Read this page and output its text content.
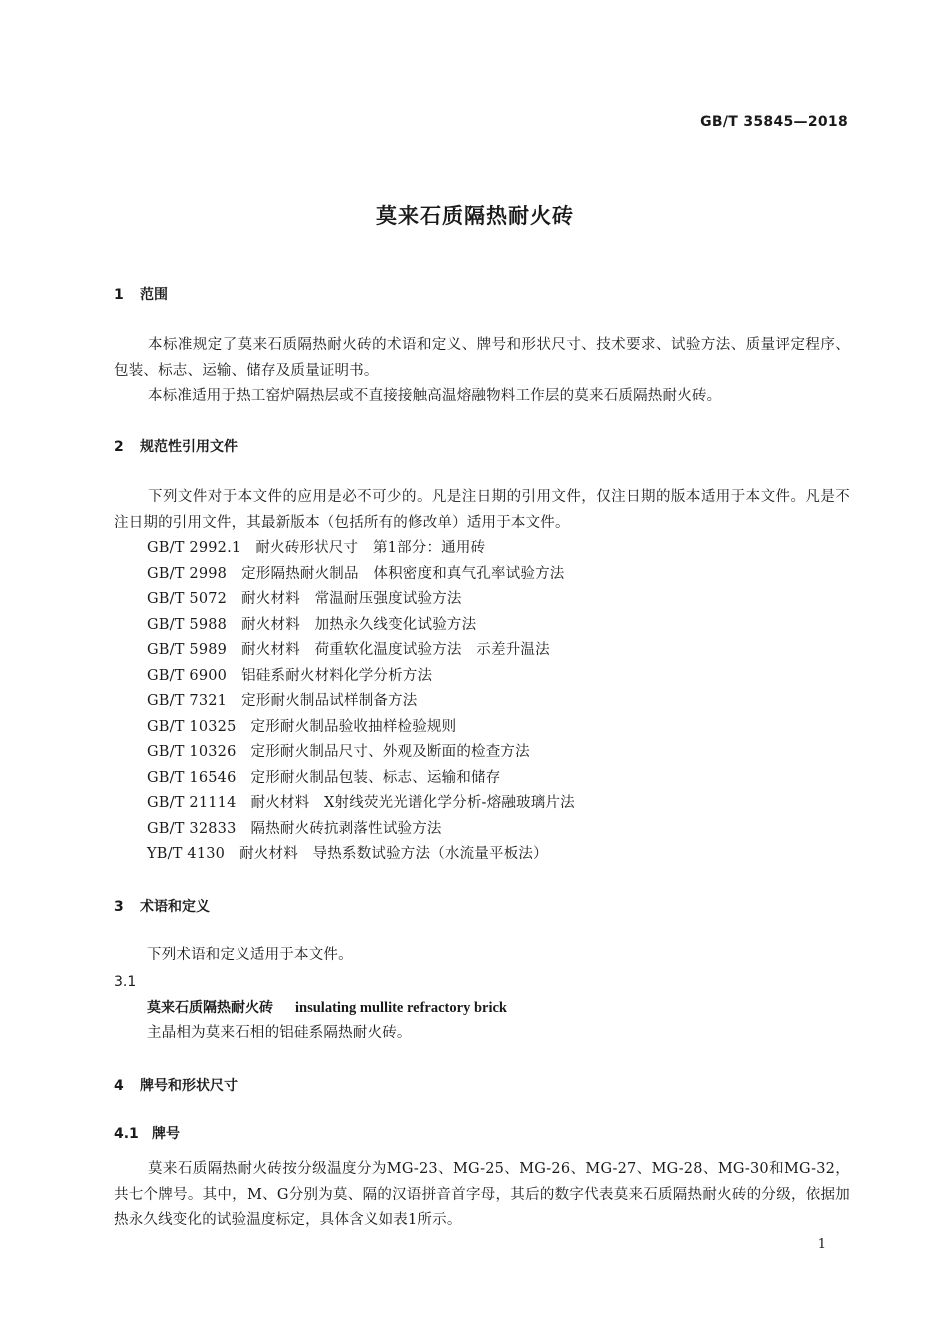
GB/T 35845—2018
莫来石质隔热耐火砖
1 范围
本标准规定了莫来石质隔热耐火砖的术语和定义、牌号和形状尺寸、技术要求、试验方法、质量评定程序、包装、标志、运输、储存及质量证明书。
本标准适用于热工窑炉隔热层或不直接接触高温熔融物料工作层的莫来石质隔热耐火砖。
2 规范性引用文件
下列文件对于本文件的应用是必不可少的。凡是注日期的引用文件，仅注日期的版本适用于本文件。凡是不注日期的引用文件，其最新版本（包括所有的修改单）适用于本文件。
GB/T 2992.1 耐火砖形状尺寸　第1部分：通用砖
GB/T 2998 定形隔热耐火制品　体积密度和真气孔率试验方法
GB/T 5072 耐火材料　常温耐压强度试验方法
GB/T 5988 耐火材料　加热永久线变化试验方法
GB/T 5989 耐火材料　荷重软化温度试验方法　示差升温法
GB/T 6900 铝硅系耐火材料化学分析方法
GB/T 7321 定形耐火制品试样制备方法
GB/T 10325 定形耐火制品验收抽样检验规则
GB/T 10326 定形耐火制品尺寸、外观及断面的检查方法
GB/T 16546 定形耐火制品包装、标志、运输和储存
GB/T 21114 耐火材料　X射线荧光光谱化学分析-熔融玻璃片法
GB/T 32833 隔热耐火砖抗剥落性试验方法
YB/T 4130 耐火材料　导热系数试验方法（水流量平板法）
3 术语和定义
下列术语和定义适用于本文件。
3.1
莫来石质隔热耐火砖 insulating mullite refractory brick
主晶相为莫来石相的铝硅系隔热耐火砖。
4 牌号和形状尺寸
4.1 牌号
莫来石质隔热耐火砖按分级温度分为MG-23、MG-25、MG-26、MG-27、MG-28、MG-30和MG-32，共七个牌号。其中，M、G分别为莫、隔的汉语拼音首字母，其后的数字代表莫来石质隔热耐火砖的分级，依据加热永久线变化的试验温度标定，具体含义如表1所示。
1
